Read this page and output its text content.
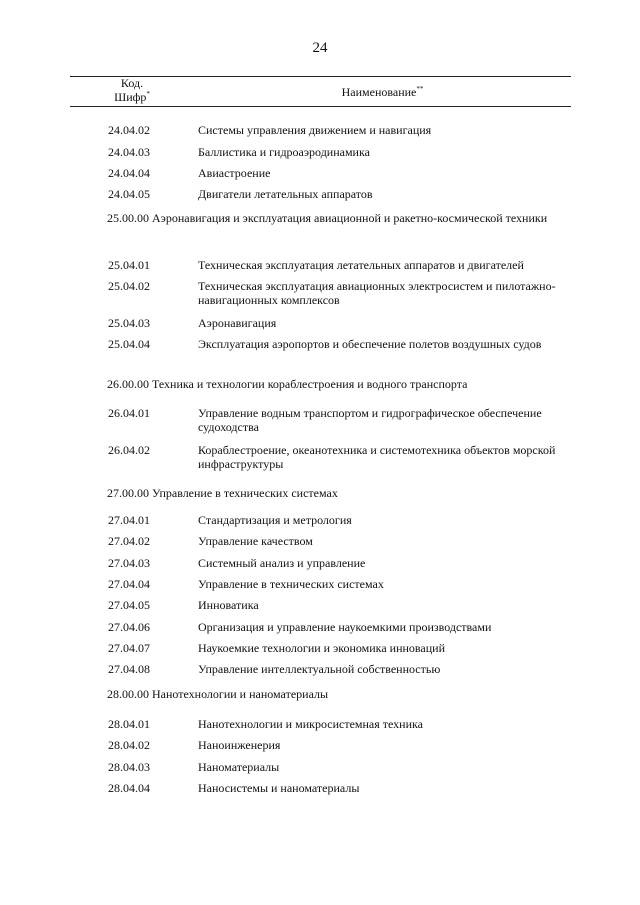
24
Код.
Шифр*	Наименование**
24.04.02	Системы управления движением и навигация
24.04.03	Баллистика и гидроаэродинамика
24.04.04	Авиастроение
24.04.05	Двигатели летательных аппаратов
25.00.00 Аэронавигация и эксплуатация авиационной и ракетно-космической техники
25.04.01	Техническая эксплуатация летательных аппаратов и двигателей
25.04.02	Техническая эксплуатация авиационных электросистем и пилотажно-навигационных комплексов
25.04.03	Аэронавигация
25.04.04	Эксплуатация аэропортов и обеспечение полетов воздушных судов
26.00.00 Техника и технологии кораблестроения и водного транспорта
26.04.01	Управление водным транспортом и гидрографическое обеспечение судоходства
26.04.02	Кораблестроение, океанотехника и системотехника объектов морской инфраструктуры
27.00.00 Управление в технических системах
27.04.01	Стандартизация и метрология
27.04.02	Управление качеством
27.04.03	Системный анализ и управление
27.04.04	Управление в технических системах
27.04.05	Инноватика
27.04.06	Организация и управление наукоемкими производствами
27.04.07	Наукоемкие технологии и экономика инноваций
27.04.08	Управление интеллектуальной собственностью
28.00.00 Нанотехнологии и наноматериалы
28.04.01	Нанотехнологии и микросистемная техника
28.04.02	Наноинженерия
28.04.03	Наноматериалы
28.04.04	Наносистемы и наноматериалы
